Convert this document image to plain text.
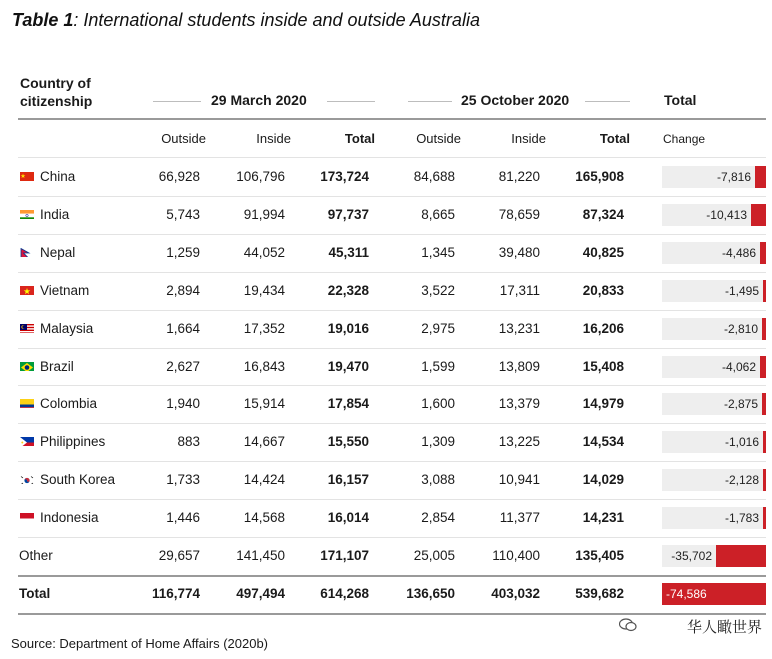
Table 1: International students inside and outside Australia
Country of
citizenship	29 March 2020	25 October 2020	Total
Outside	Inside	Total	Outside	Inside	Total	Change
China	66,928	106,796	173,724	84,688	81,220	165,908	-7,816
India	5,743	91,994	97,737	8,665	78,659	87,324	-10,413
Nepal	1,259	44,052	45,311	1,345	39,480	40,825	-4,486
Vietnam	2,894	19,434	22,328	3,522	17,311	20,833	-1,495
Malaysia	1,664	17,352	19,016	2,975	13,231	16,206	-2,810
Brazil	2,627	16,843	19,470	1,599	13,809	15,408	-4,062
Colombia	1,940	15,914	17,854	1,600	13,379	14,979	-2,875
Philippines	883	14,667	15,550	1,309	13,225	14,534	-1,016
South Korea	1,733	14,424	16,157	3,088	10,941	14,029	-2,128
Indonesia	1,446	14,568	16,014	2,854	11,377	14,231	-1,783
Other	29,657	141,450	171,107	25,005	110,400	135,405	-35,702
Total	116,774	497,494	614,268	136,650	403,032	539,682	-74,586
Source: Department of Home Affairs (2020b)
华人瞰世界
